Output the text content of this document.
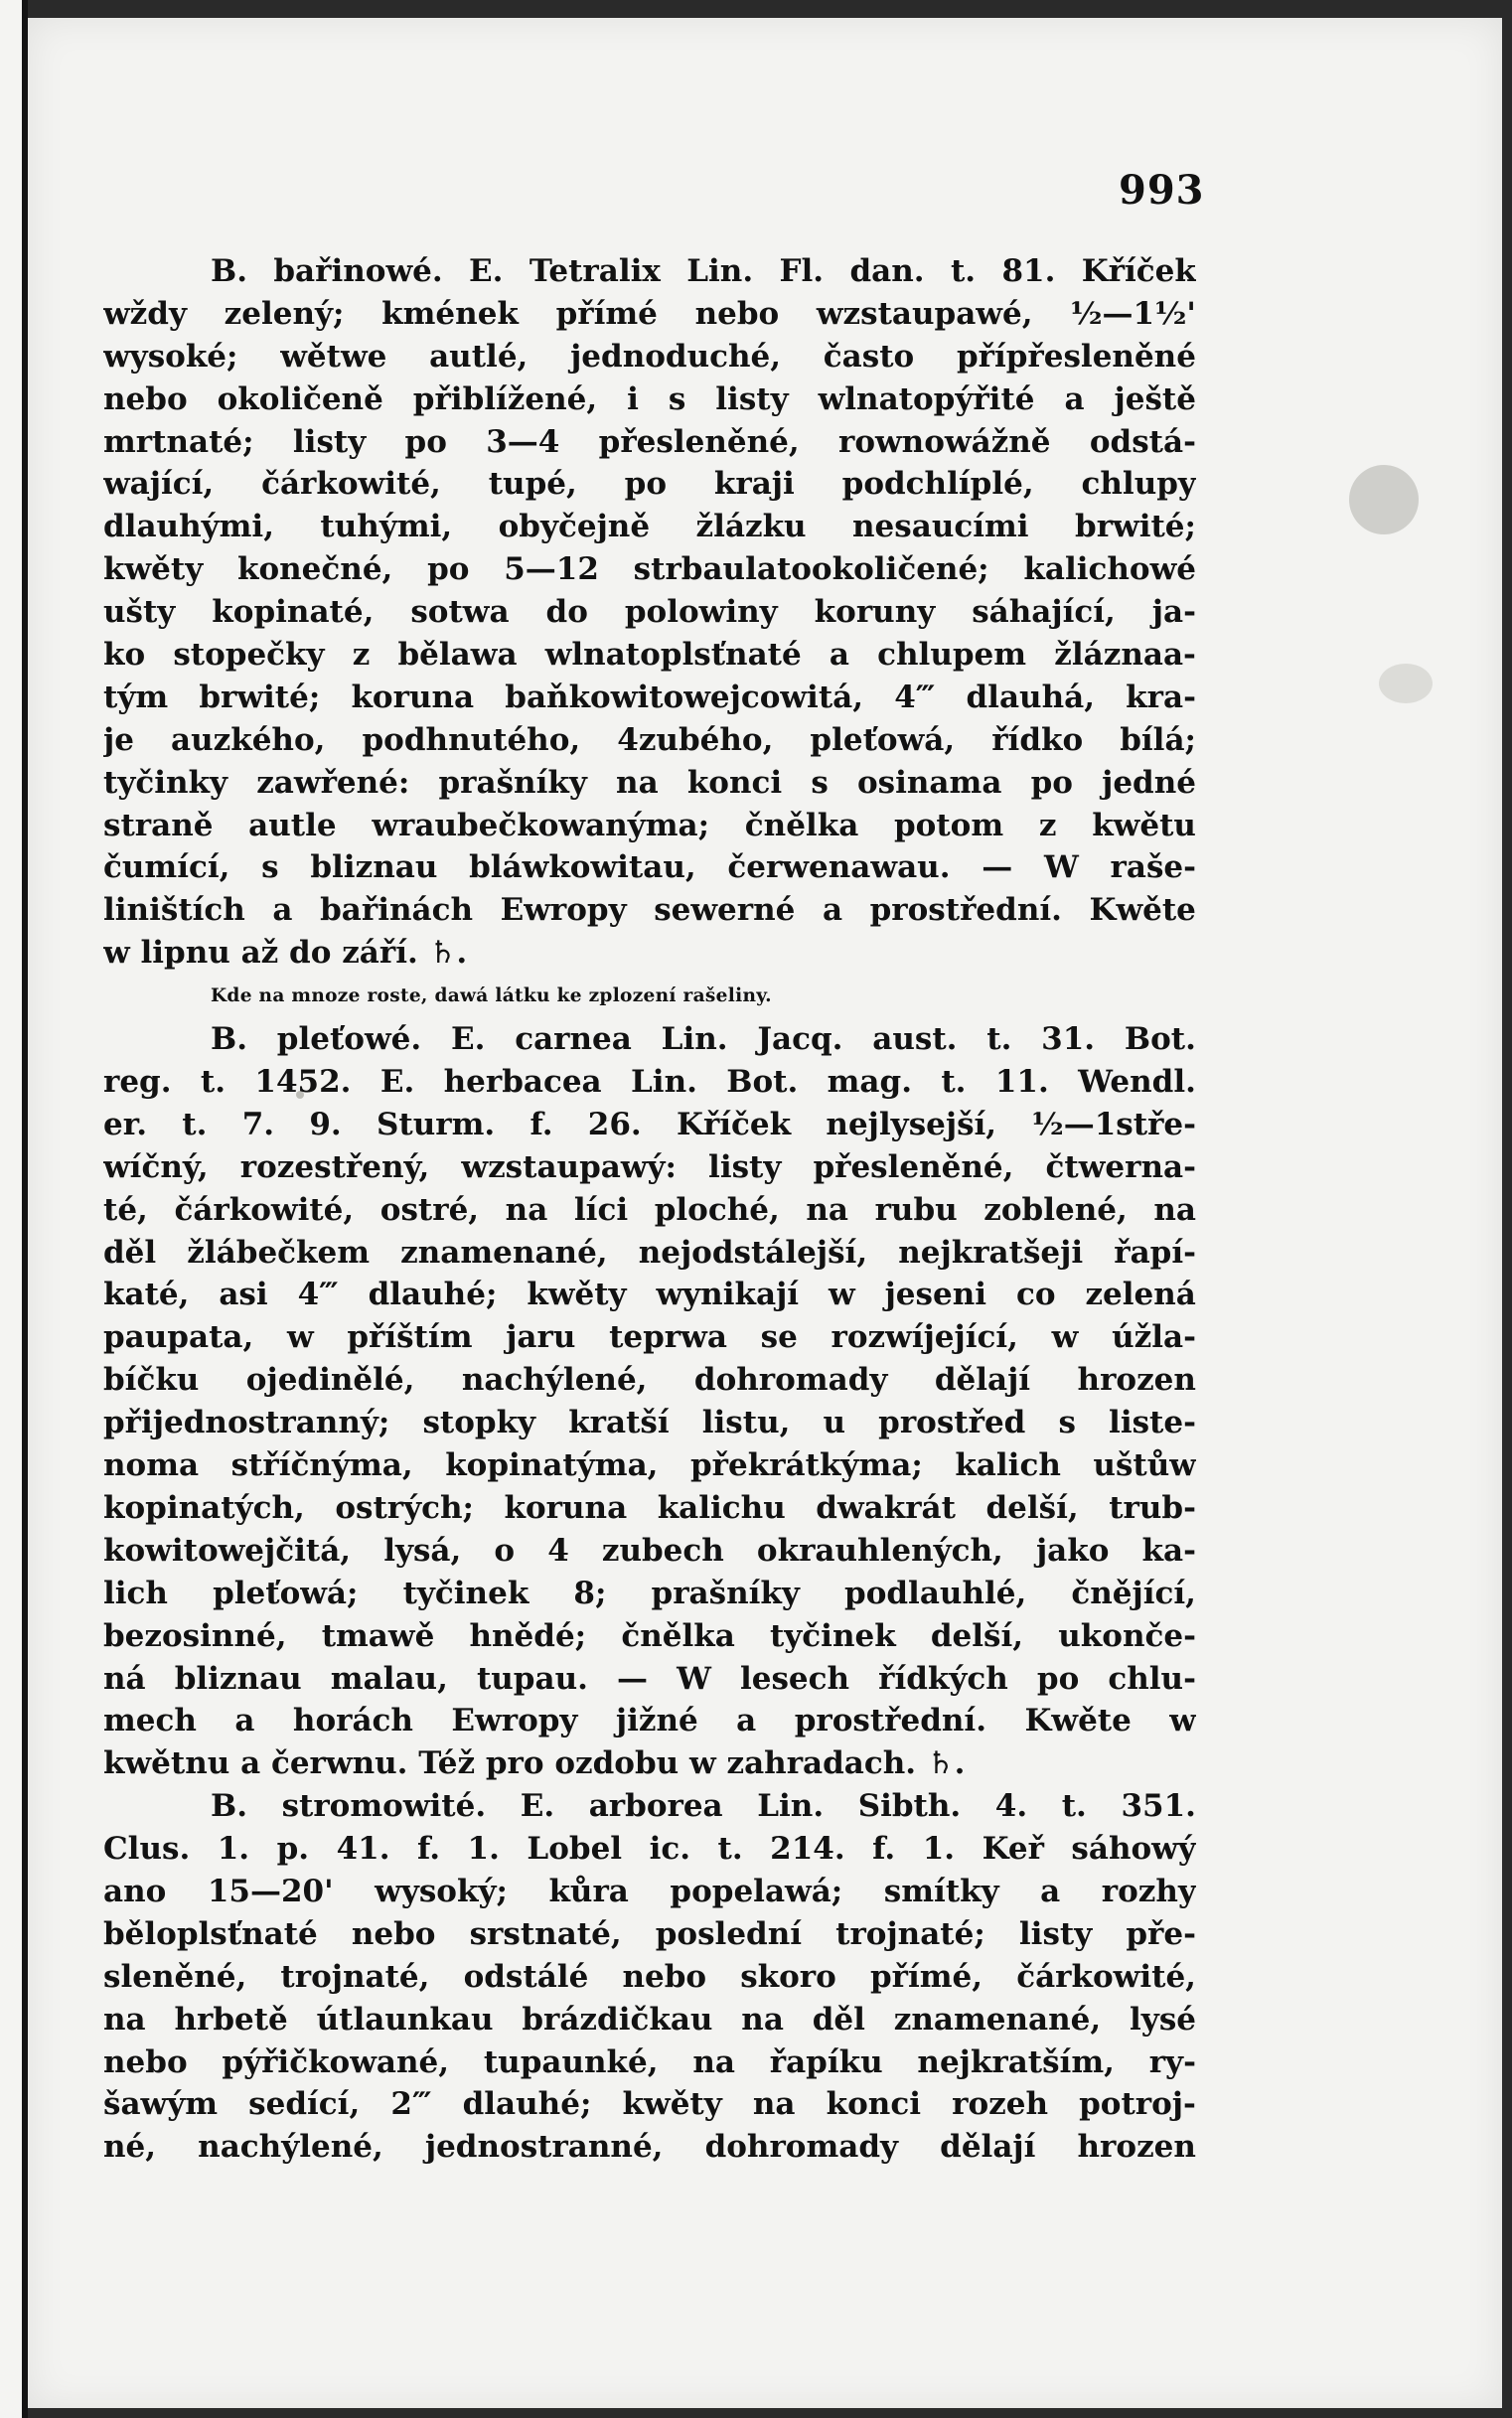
993
B. bařinowé. E. Tetralix Lin. Fl. dan. t. 81. Kříček
wždy zelený; kmének přímé nebo wzstaupawé, ½—1½'
wysoké; wětwe autlé, jednoduché, často přípřesleněné
nebo okoličeně přiblížené, i s listy wlnatopýřité a ještě
mrtnaté; listy po 3—4 přesleněné, rownowážně odstá-
wající, čárkowité, tupé, po kraji podchlíplé, chlupy
dlauhými, tuhými, obyčejně žlázku nesaucími brwité;
kwěty konečné, po 5—12 strbaulatookoličené; kalichowé
ušty kopinaté, sotwa do polowiny koruny sáhající, ja-
ko stopečky z bělawa wlnatoplsťnaté a chlupem žláznaa-
tým brwité; koruna baňkowitowejcowitá, 4‴ dlauhá, kra-
je auzkého, podhnutého, 4zubého, pleťowá, řídko bílá;
tyčinky zawřené: prašníky na konci s osinama po jedné
straně autle wraubečkowanýma; čnělka potom z kwětu
čumící, s bliznau bláwkowitau, čerwenawau. — W raše-
liništích a bařinách Ewropy sewerné a prostřední. Kwěte
w lipnu až do září. ♄.
Kde na mnoze roste, dawá látku ke zplození rašeliny.
B. pleťowé. E. carnea Lin. Jacq. aust. t. 31. Bot.
reg. t. 1452. E. herbacea Lin. Bot. mag. t. 11. Wendl.
er. t. 7. 9. Sturm. f. 26. Kříček nejlysejší, ½—1stře-
wíčný, rozestřený, wzstaupawý: listy přesleněné, čtwerna-
té, čárkowité, ostré, na líci ploché, na rubu zoblené, na
děl žlábečkem znamenané, nejodstálejší, nejkratšeji řapí-
katé, asi 4‴ dlauhé; kwěty wynikají w jeseni co zelená
paupata, w příštím jaru teprwa se rozwíjející, w úžla-
bíčku ojedinělé, nachýlené, dohromady dělají hrozen
přijednostranný; stopky kratší listu, u prostřed s liste-
noma stříčnýma, kopinatýma, překrátkýma; kalich uštůw
kopinatých, ostrých; koruna kalichu dwakrát delší, trub-
kowitowejčitá, lysá, o 4 zubech okrauhlených, jako ka-
lich pleťowá; tyčinek 8; prašníky podlauhlé, čnějící,
bezosinné, tmawě hnědé; čnělka tyčinek delší, ukonče-
ná bliznau malau, tupau. — W lesech řídkých po chlu-
mech a horách Ewropy jižné a prostřední. Kwěte w
kwětnu a čerwnu. Též pro ozdobu w zahradach. ♄.
B. stromowité. E. arborea Lin. Sibth. 4. t. 351.
Clus. 1. p. 41. f. 1. Lobel ic. t. 214. f. 1. Keř sáhowý
ano 15—20' wysoký; kůra popelawá; smítky a rozhy
běloplsťnaté nebo srstnaté, poslední trojnaté; listy pře-
sleněné, trojnaté, odstálé nebo skoro přímé, čárkowité,
na hrbetě útlaunkau brázdičkau na děl znamenané, lysé
nebo pýřičkowané, tupaunké, na řapíku nejkratším, ry-
šawým sedící, 2‴ dlauhé; kwěty na konci rozeh potroj-
né, nachýlené, jednostranné, dohromady dělají hrozen
